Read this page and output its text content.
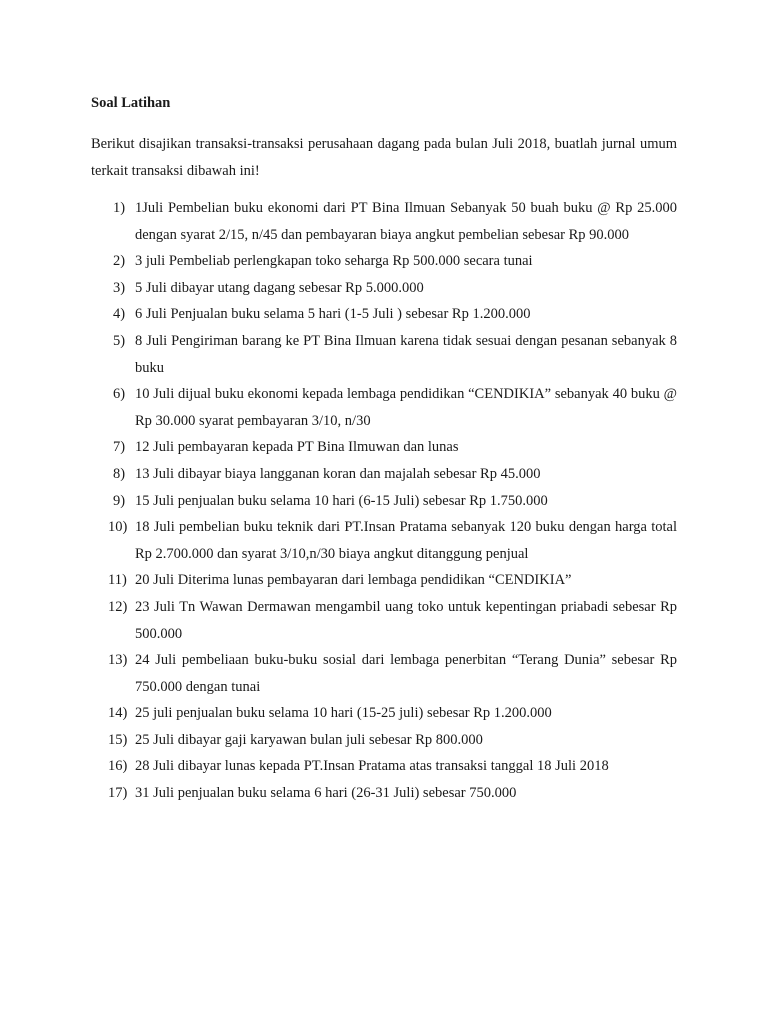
Soal Latihan
Berikut disajikan transaksi-transaksi perusahaan dagang pada bulan Juli 2018, buatlah jurnal umum terkait transaksi dibawah ini!
1) 1Juli Pembelian buku ekonomi dari PT Bina Ilmuan Sebanyak 50 buah buku @ Rp 25.000 dengan syarat 2/15, n/45 dan pembayaran biaya angkut pembelian sebesar Rp 90.000
2) 3 juli Pembeliab perlengkapan toko seharga Rp 500.000 secara tunai
3) 5 Juli dibayar utang dagang sebesar Rp 5.000.000
4) 6 Juli Penjualan buku selama 5 hari (1-5 Juli ) sebesar Rp 1.200.000
5) 8 Juli Pengiriman barang ke PT Bina Ilmuan karena tidak sesuai dengan pesanan sebanyak 8 buku
6) 10 Juli dijual buku ekonomi kepada lembaga pendidikan “CENDIKIA” sebanyak 40 buku @ Rp 30.000 syarat pembayaran 3/10, n/30
7) 12 Juli pembayaran kepada PT Bina Ilmuwan dan lunas
8) 13 Juli dibayar biaya langganan koran dan majalah sebesar Rp 45.000
9) 15 Juli penjualan buku selama 10 hari (6-15 Juli) sebesar Rp 1.750.000
10) 18 Juli pembelian buku teknik dari PT.Insan Pratama sebanyak 120 buku dengan harga total Rp 2.700.000 dan syarat 3/10,n/30 biaya angkut ditanggung penjual
11) 20 Juli Diterima lunas pembayaran dari lembaga pendidikan “CENDIKIA”
12) 23 Juli Tn Wawan Dermawan mengambil uang toko untuk kepentingan priabadi sebesar Rp 500.000
13) 24 Juli pembeliaan buku-buku sosial dari lembaga penerbitan “Terang Dunia” sebesar Rp 750.000 dengan tunai
14) 25 juli penjualan buku selama 10 hari (15-25 juli) sebesar Rp 1.200.000
15) 25 Juli dibayar gaji karyawan bulan juli sebesar Rp 800.000
16) 28 Juli dibayar lunas kepada PT.Insan Pratama atas transaksi tanggal 18 Juli 2018
17) 31 Juli penjualan buku selama 6 hari (26-31 Juli) sebesar 750.000
